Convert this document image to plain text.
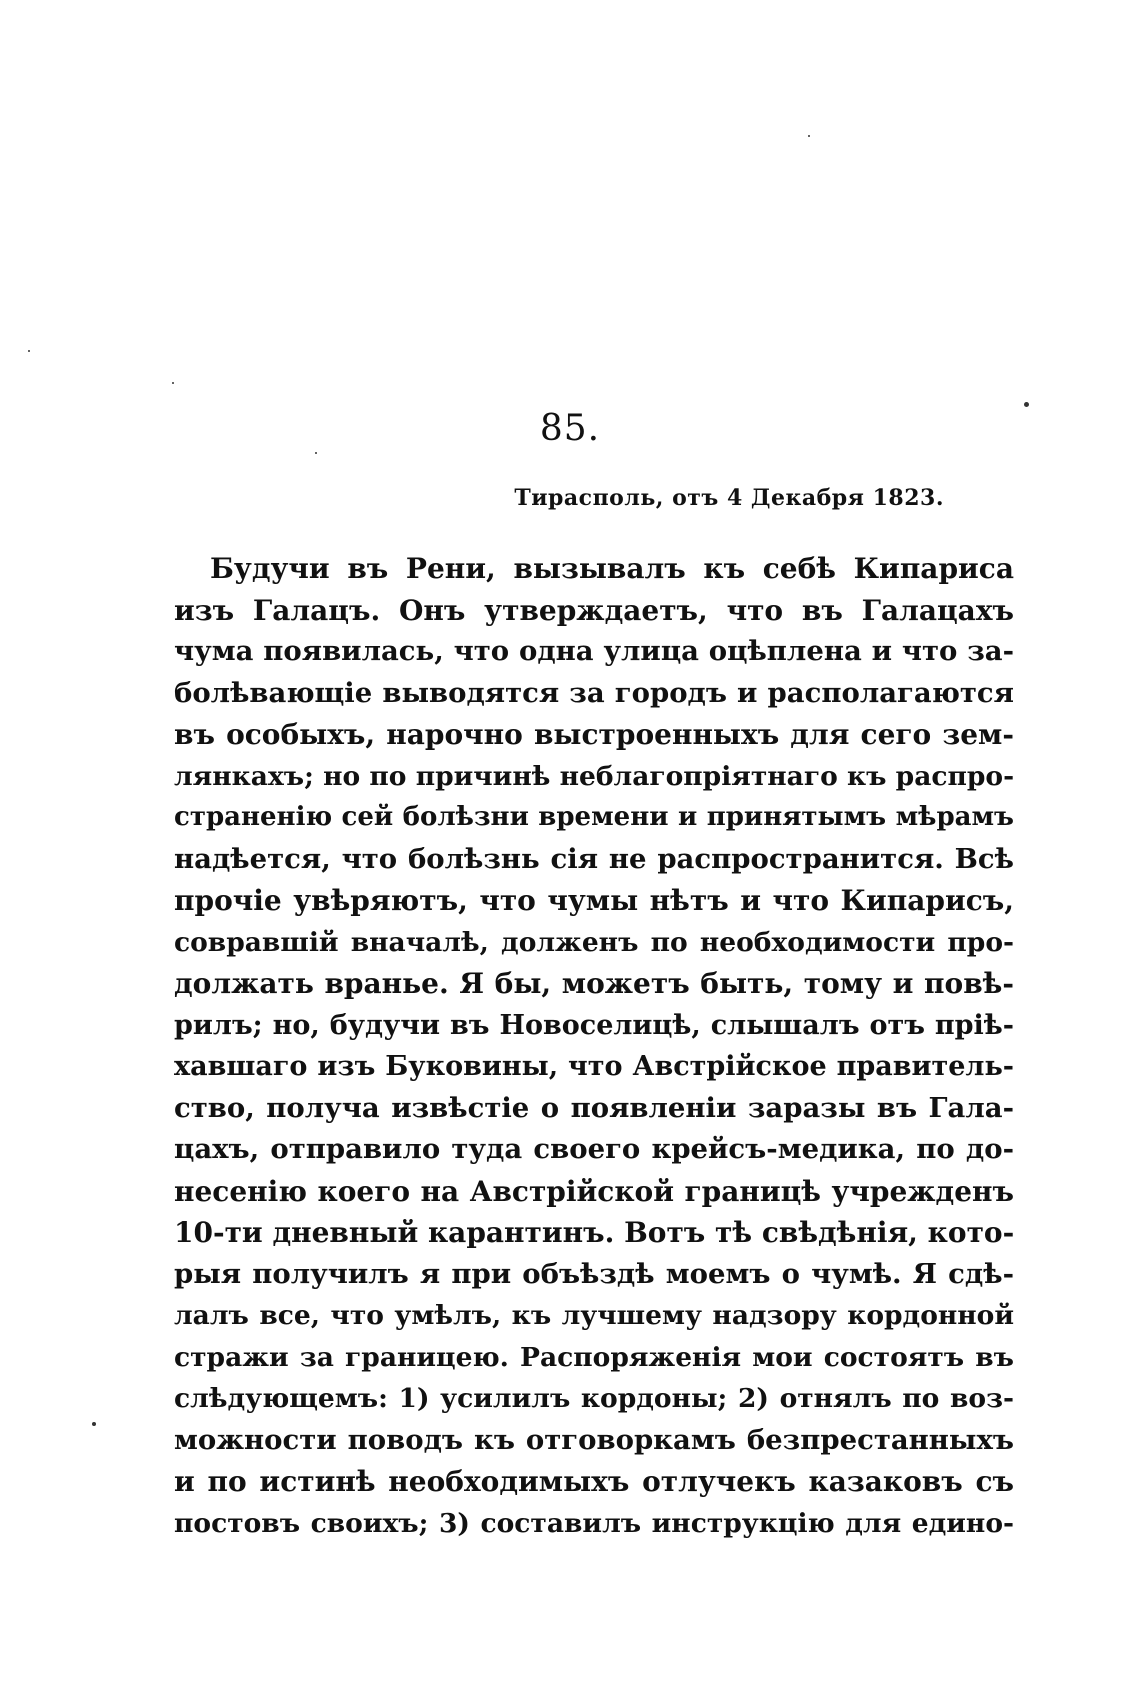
85.
Тирасполь, отъ 4 Декабря 1823.
Будучи въ Рени, вызывалъ къ себѣ Кипариса
изъ Галацъ. Онъ утверждаетъ, что въ Галацахъ
чума появилась, что одна улица оцѣплена и что за-
болѣвающіе выводятся за городъ и располагаются
въ особыхъ, нарочно выстроенныхъ для сего зем-
лянкахъ; но по причинѣ неблагопріятнаго къ распро-
страненію сей болѣзни времени и принятымъ мѣрамъ
надѣется, что болѣзнь сія не распространится. Всѣ
прочіе увѣряютъ, что чумы нѣтъ и что Кипарисъ,
соврaвшій вначалѣ, долженъ по необходимости про-
должать вранье. Я бы, можетъ быть, тому и повѣ-
рилъ; но, будучи въ Новоселицѣ, слышалъ отъ пріѣ-
хавшаго изъ Буковины, что Австрійское правитель-
ство, получа извѣстіе о появленіи заразы въ Гала-
цахъ, отправило туда своего крейсъ-медика, по до-
несенію коего на Австрійской границѣ учрежденъ
10-ти дневный карантинъ. Вотъ тѣ свѣдѣнія, кото-
рыя получилъ я при объѣздѣ моемъ о чумѣ. Я сдѣ-
лалъ все, что умѣлъ, къ лучшему надзору кордонной
стражи за границею. Распоряженія мои состоятъ въ
слѣдующемъ: 1) усилилъ кордоны; 2) отнялъ по воз-
можности поводъ къ отговоркамъ безпрестанныхъ
и по истинѣ необходимыхъ отлучекъ казаковъ съ
постовъ своихъ; 3) составилъ инструкцію для едино-
